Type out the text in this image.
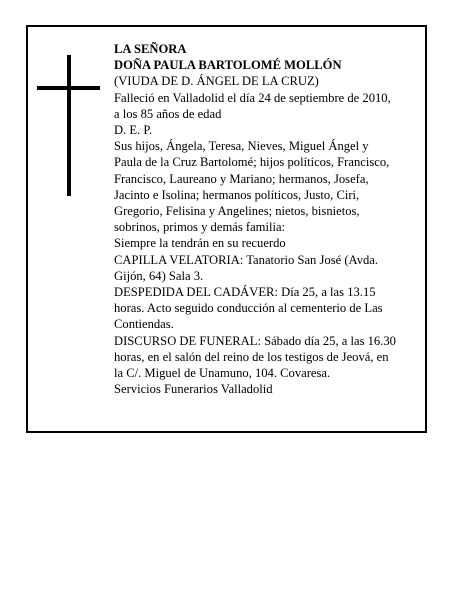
LA SEÑORA
DOÑA PAULA BARTOLOMÉ MOLLÓN
(VIUDA DE D. ÁNGEL DE LA CRUZ)
Falleció en Valladolid el día 24 de septiembre de 2010,
a los 85 años de edad
D. E. P.
Sus hijos, Ángela, Teresa, Nieves, Miguel Ángel y
Paula de la Cruz Bartolomé; hijos políticos, Francisco,
Francisco, Laureano y Mariano; hermanos, Josefa,
Jacinto e Isolina; hermanos políticos, Justo, Ciri,
Gregorio, Felisina y Angelines; nietos, bisnietos,
sobrinos, primos y demás familia:
Siempre la tendrán en su recuerdo
CAPILLA VELATORIA: Tanatorio San José (Avda.
Gijón, 64) Sala 3.
DESPEDIDA DEL CADÁVER: Día 25, a las 13.15
horas. Acto seguido conducción al cementerio de Las
Contiendas.
DISCURSO DE FUNERAL: Sábado día 25, a las 16.30
horas, en el salón del reino de los testigos de Jeová, en
la C/. Miguel de Unamuno, 104. Covaresa.
Servicios Funerarios Valladolid
